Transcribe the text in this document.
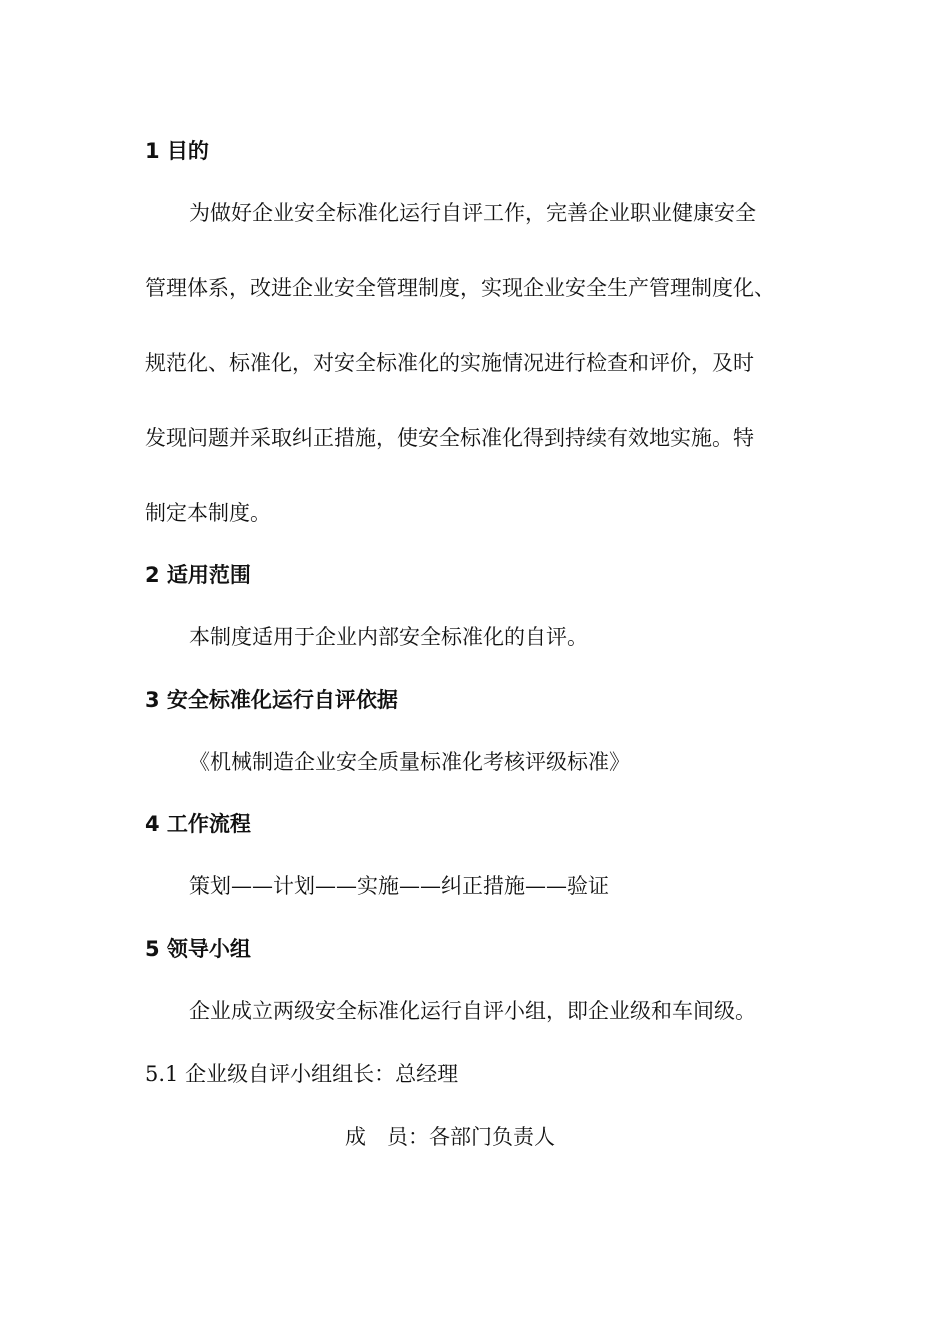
1 目的
为做好企业安全标准化运行自评工作，完善企业职业健康安全
管理体系，改进企业安全管理制度，实现企业安全生产管理制度化、
规范化、标准化，对安全标准化的实施情况进行检查和评价，及时
发现问题并采取纠正措施，使安全标准化得到持续有效地实施。特
制定本制度。
2 适用范围

本制度适用于企业内部安全标准化的自评。

3 安全标准化运行自评依据

《机械制造企业安全质量标准化考核评级标准》

4 工作流程

策划——计划——实施——纠正措施——验证

5 领导小组

企业成立两级安全标准化运行自评小组，即企业级和车间级。

5.1 企业级自评小组组长：总经理

成　员：各部门负责人
